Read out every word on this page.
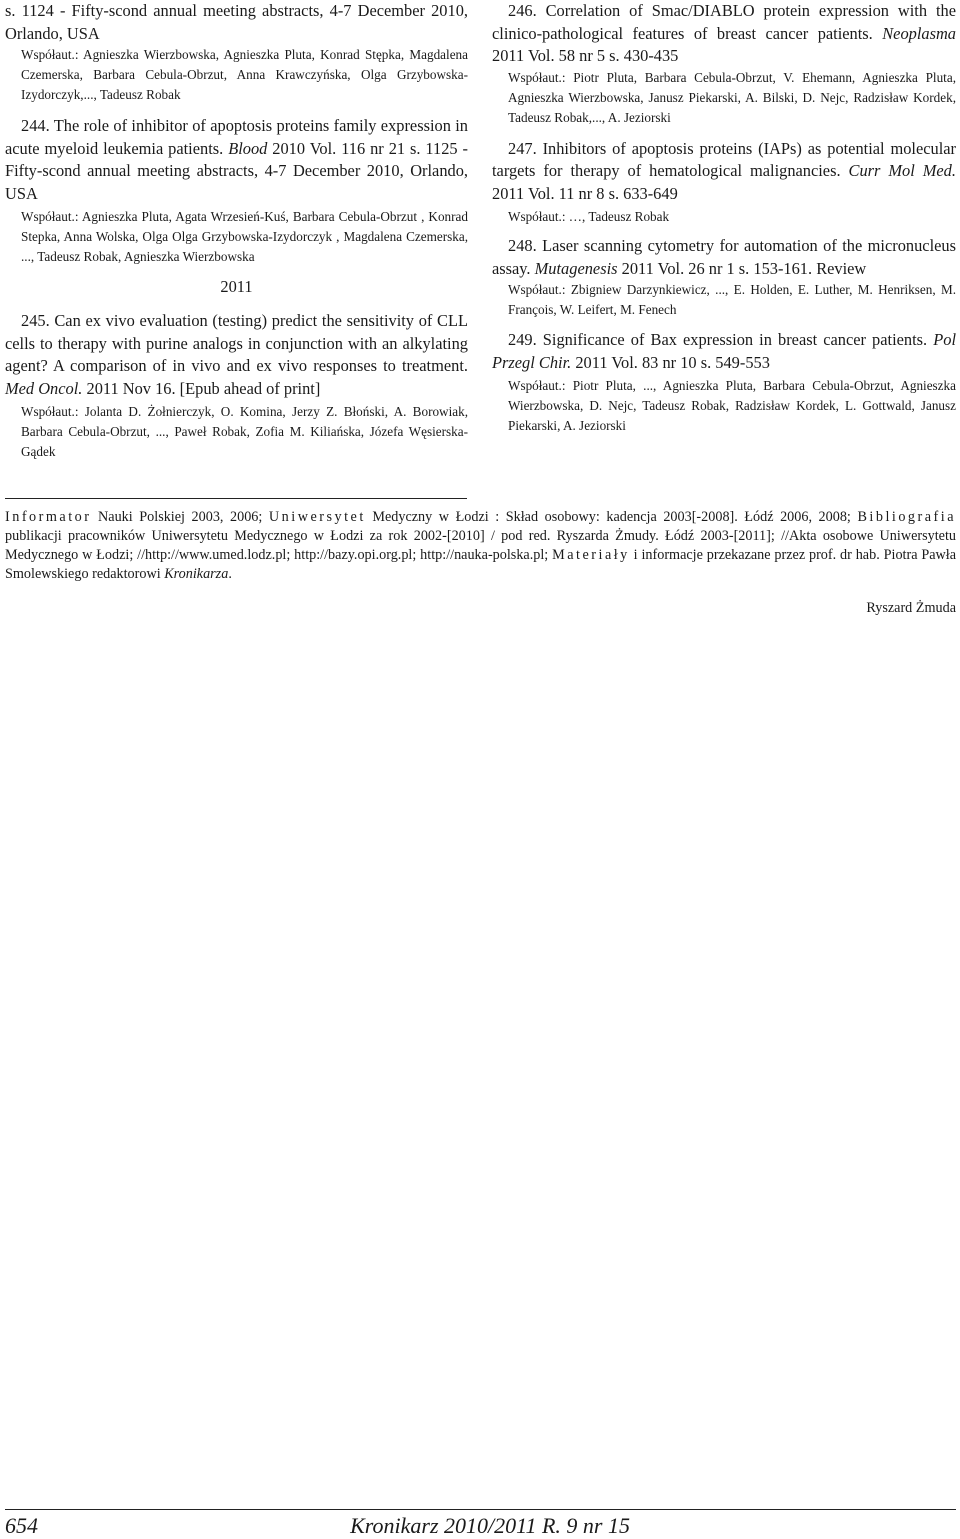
s. 1124 - Fifty-scond annual meeting abstracts, 4-7 December 2010, Orlando, USA

Współaut.: Agnieszka Wierzbowska, Agnieszka Pluta, Konrad Stępka, Magdalena Czemerska, Barbara Cebula-Obrzut, Anna Krawczyńska, Olga Grzybowska-Izydorczyk,..., Tadeusz Robak

244. The role of inhibitor of apoptosis proteins family expression in acute myeloid leukemia patients. Blood 2010 Vol. 116 nr 21 s. 1125 - Fifty-scond annual meeting abstracts, 4-7 December 2010, Orlando, USA

Współaut.: Agnieszka Pluta, Agata Wrzesień-Kuś, Barbara Cebula-Obrzut , Konrad Stepka, Anna Wolska, Olga Olga Grzybowska-Izydorczyk , Magdalena Czemerska, ..., Tadeusz Robak, Agnieszka Wierzbowska

2011

245. Can ex vivo evaluation (testing) predict the sensitivity of CLL cells to therapy with purine analogs in conjunction with an alkylating agent? A comparison of in vivo and ex vivo responses to treatment. Med Oncol. 2011 Nov 16. [Epub ahead of print]

Współaut.: Jolanta D. Żołnierczyk, O. Komina, Jerzy Z. Błoński, A. Borowiak, Barbara Cebula-Obrzut, ..., Paweł Robak, Zofia M. Kiliańska, Józefa Węsierska-Gądek

246. Correlation of Smac/DIABLO protein expression with the clinico-pathological features of breast cancer patients. Neoplasma 2011 Vol. 58 nr 5 s. 430-435

Współaut.: Piotr Pluta, Barbara Cebula-Obrzut, V. Ehemann, Agnieszka Pluta, Agnieszka Wierzbowska, Janusz Piekarski, A. Bilski, D. Nejc, Radzisław Kordek, Tadeusz Robak,..., A. Jeziorski

247. Inhibitors of apoptosis proteins (IAPs) as potential molecular targets for therapy of hematological malignancies. Curr Mol Med. 2011 Vol. 11 nr 8 s. 633-649

Współaut.: …, Tadeusz Robak

248. Laser scanning cytometry for automation of the micronucleus assay. Mutagenesis 2011 Vol. 26 nr 1 s. 153-161. Review

Współaut.: Zbigniew Darzynkiewicz, ..., E. Holden, E. Luther, M. Henriksen, M. François, W. Leifert, M. Fenech

249. Significance of Bax expression in breast cancer patients. Pol Przegl Chir. 2011 Vol. 83 nr 10 s. 549-553

Współaut.: Piotr Pluta, ..., Agnieszka Pluta, Barbara Cebula-Obrzut, Agnieszka Wierzbowska, D. Nejc, Tadeusz Robak, Radzisław Kordek, L. Gottwald, Janusz Piekarski, A. Jeziorski

Informator Nauki Polskiej 2003, 2006; Uniwersytet Medyczny w Łodzi : Skład osobowy: kadencja 2003[-2008]. Łódź 2006, 2008; Bibliografia publikacji pracowników Uniwersytetu Medycznego w Łodzi za rok 2002-[2010] / pod red. Ryszarda Żmudy. Łódź 2003-[2011]; //Akta osobowe Uniwersytetu Medycznego w Łodzi; //http://www.umed.lodz.pl; http://bazy.opi.org.pl; http://nauka-polska.pl; Materiały i informacje przekazane przez prof. dr hab. Piotra Pawła Smolewskiego redaktorowi Kronikarza.

Ryszard Żmuda
654	Kronikarz 2010/2011 R. 9 nr 15
